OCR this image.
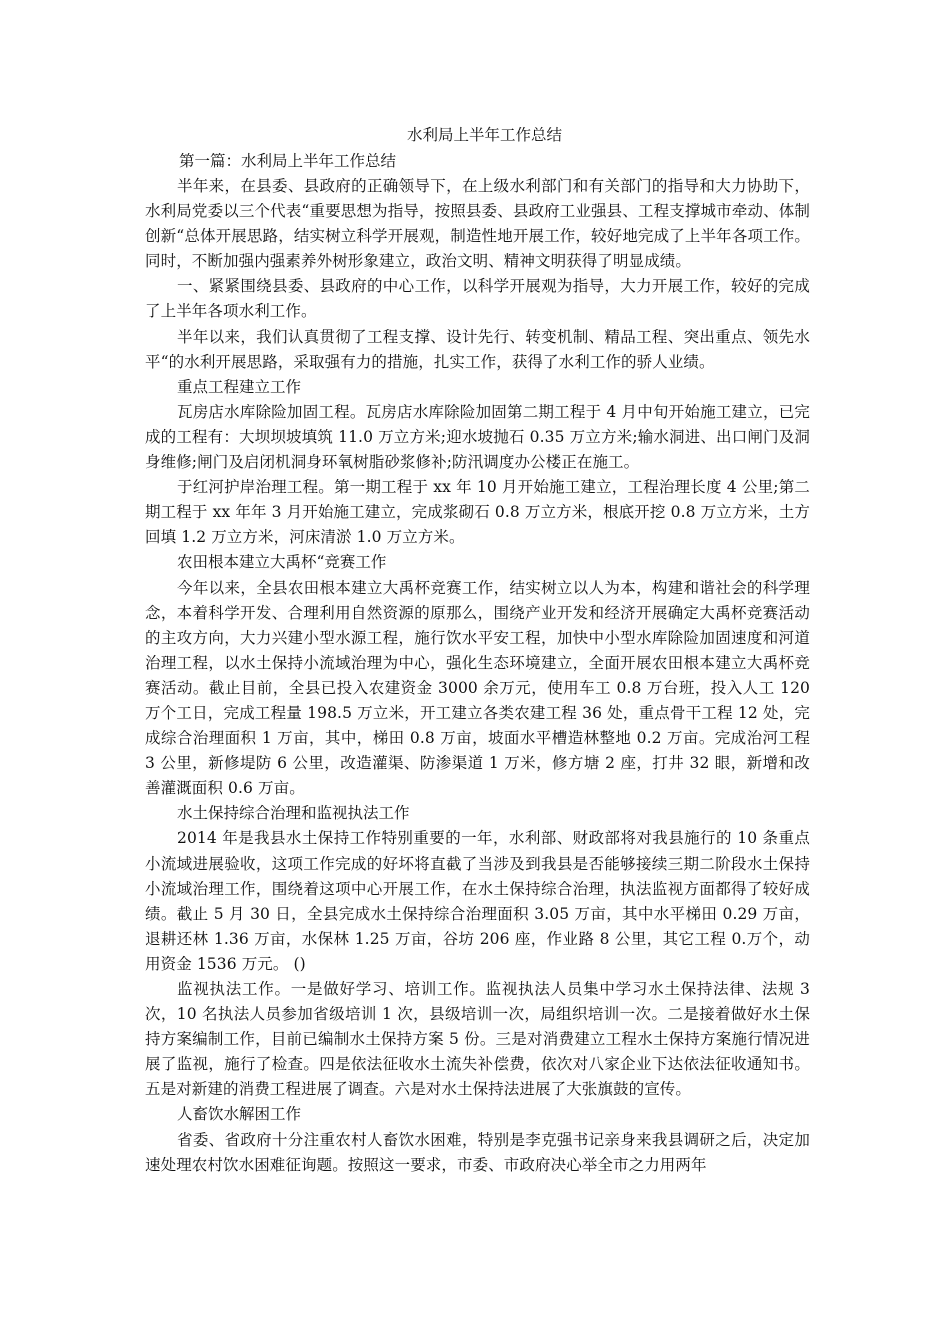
水利局上半年工作总结

第一篇：水利局上半年工作总结

半年来，在县委、县政府的正确领导下，在上级水利部门和有关部门的指导和大力协助下，水利局党委以三个代表“重要思想为指导，按照县委、县政府工业强县、工程支撑城市牵动、体制创新“总体开展思路，结实树立科学开展观，制造性地开展工作，较好地完成了上半年各项工作。同时，不断加强内强素养外树形象建立，政治文明、精神文明获得了明显成绩。

一、紧紧围绕县委、县政府的中心工作，以科学开展观为指导，大力开展工作，较好的完成了上半年各项水利工作。

半年以来，我们认真贯彻了工程支撑、设计先行、转变机制、精品工程、突出重点、领先水平“的水利开展思路，采取强有力的措施，扎实工作，获得了水利工作的骄人业绩。

重点工程建立工作

瓦房店水库除险加固工程。瓦房店水库除险加固第二期工程于 4 月中旬开始施工建立，已完成的工程有：大坝坝坡填筑 11.0 万立方米;迎水坡抛石 0.35 万立方米;输水洞进、出口闸门及洞身维修;闸门及启闭机洞身环氧树脂砂浆修补;防汛调度办公楼正在施工。

于红河护岸治理工程。第一期工程于 xx 年 10 月开始施工建立，工程治理长度 4 公里;第二期工程于 xx 年年 3 月开始施工建立，完成浆砌石 0.8 万立方米，根底开挖 0.8 万立方米，土方回填 1.2 万立方米，河床清淤 1.0 万立方米。

农田根本建立大禹杯“竞赛工作

今年以来，全县农田根本建立大禹杯竞赛工作，结实树立以人为本，构建和谐社会的科学理念，本着科学开发、合理利用自然资源的原那么，围绕产业开发和经济开展确定大禹杯竞赛活动的主攻方向，大力兴建小型水源工程，施行饮水平安工程，加快中小型水库除险加固速度和河道治理工程，以水土保持小流域治理为中心，强化生态环境建立，全面开展农田根本建立大禹杯竞赛活动。截止目前，全县已投入农建资金 3000 余万元，使用车工 0.8 万台班，投入人工 120 万个工日，完成工程量 198.5 万立米，开工建立各类农建工程 36 处，重点骨干工程 12 处，完成综合治理面积 1 万亩，其中，梯田 0.8 万亩，坡面水平槽造林整地 0.2 万亩。完成治河工程 3 公里，新修堤防 6 公里，改造灌渠、防渗渠道 1 万米，修方塘 2 座，打井 32 眼，新增和改善灌溉面积 0.6 万亩。

水土保持综合治理和监视执法工作

2014 年是我县水土保持工作特别重要的一年，水利部、财政部将对我县施行的 10 条重点小流域进展验收，这项工作完成的好坏将直截了当涉及到我县是否能够接续三期二阶段水土保持小流域治理工作，围绕着这项中心开展工作，在水土保持综合治理，执法监视方面都得了较好成绩。截止 5 月 30 日，全县完成水土保持综合治理面积 3.05 万亩，其中水平梯田 0.29 万亩，退耕还林 1.36 万亩，水保林 1.25 万亩，谷坊 206 座，作业路 8 公里，其它工程 0.万个，动用资金 1536 万元。 ()

监视执法工作。一是做好学习、培训工作。监视执法人员集中学习水土保持法律、法规 3 次，10 名执法人员参加省级培训 1 次，县级培训一次，局组织培训一次。二是接着做好水土保持方案编制工作，目前已编制水土保持方案 5 份。三是对消费建立工程水土保持方案施行情况进展了监视，施行了检查。四是依法征收水土流失补偿费，依次对八家企业下达依法征收通知书。五是对新建的消费工程进展了调查。六是对水土保持法进展了大张旗鼓的宣传。

人畜饮水解困工作

省委、省政府十分注重农村人畜饮水困难，特别是李克强书记亲身来我县调研之后，决定加速处理农村饮水困难征询题。按照这一要求，市委、市政府决心举全市之力用两年
